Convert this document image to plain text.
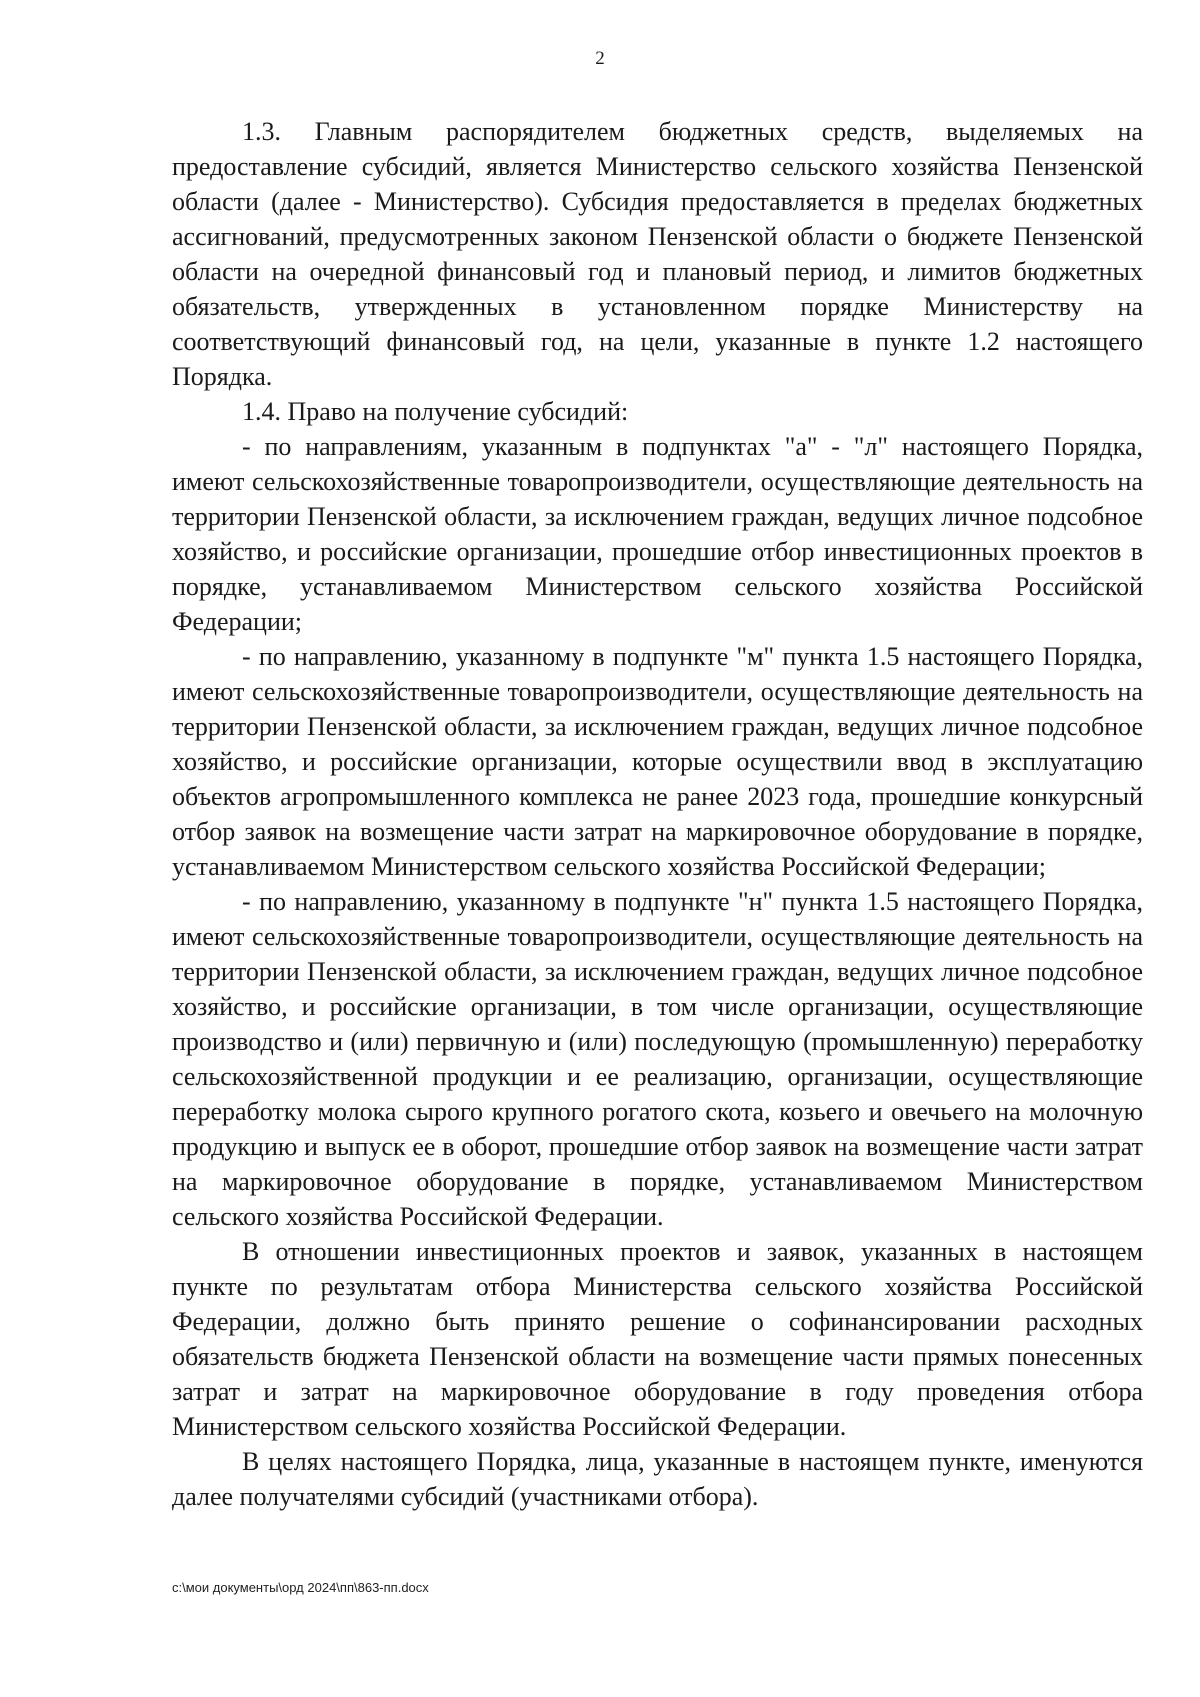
2

1.3. Главным распорядителем бюджетных средств, выделяемых на предоставление субсидий, является Министерство сельского хозяйства Пензенской области (далее - Министерство). Субсидия предоставляется в пределах бюджетных ассигнований, предусмотренных законом Пензенской области о бюджете Пензенской области на очередной финансовый год и плановый период, и лимитов бюджетных обязательств, утвержденных в установленном порядке Министерству на соответствующий финансовый год, на цели, указанные в пункте 1.2 настоящего Порядка.

1.4. Право на получение субсидий:

- по направлениям, указанным в подпунктах "а" - "л" настоящего Порядка, имеют сельскохозяйственные товаропроизводители, осуществляющие деятельность на территории Пензенской области, за исключением граждан, ведущих личное подсобное хозяйство, и российские организации, прошедшие отбор инвестиционных проектов в порядке, устанавливаемом Министерством сельского хозяйства Российской Федерации;

- по направлению, указанному в подпункте "м" пункта 1.5 настоящего Порядка, имеют сельскохозяйственные товаропроизводители, осуществляющие деятельность на территории Пензенской области, за исключением граждан, ведущих личное подсобное хозяйство, и российские организации, которые осуществили ввод в эксплуатацию объектов агропромышленного комплекса не ранее 2023 года, прошедшие конкурсный отбор заявок на возмещение части затрат на маркировочное оборудование в порядке, устанавливаемом Министерством сельского хозяйства Российской Федерации;

- по направлению, указанному в подпункте "н" пункта 1.5 настоящего Порядка, имеют сельскохозяйственные товаропроизводители, осуществляющие деятельность на территории Пензенской области, за исключением граждан, ведущих личное подсобное хозяйство, и российские организации, в том числе организации, осуществляющие производство и (или) первичную и (или) последующую (промышленную) переработку сельскохозяйственной продукции и ее реализацию, организации, осуществляющие переработку молока сырого крупного рогатого скота, козьего и овечьего на молочную продукцию и выпуск ее в оборот, прошедшие отбор заявок на возмещение части затрат на маркировочное оборудование в порядке, устанавливаемом Министерством сельского хозяйства Российской Федерации.

В отношении инвестиционных проектов и заявок, указанных в настоящем пункте по результатам отбора Министерства сельского хозяйства Российской Федерации, должно быть принято решение о софинансировании расходных обязательств бюджета Пензенской области на возмещение части прямых понесенных затрат и затрат на маркировочное оборудование в году проведения отбора Министерством сельского хозяйства Российской Федерации.

В целях настоящего Порядка, лица, указанные в настоящем пункте, именуются далее получателями субсидий (участниками отбора).

c:\мои документы\орд 2024\пп\863-пп.docx
